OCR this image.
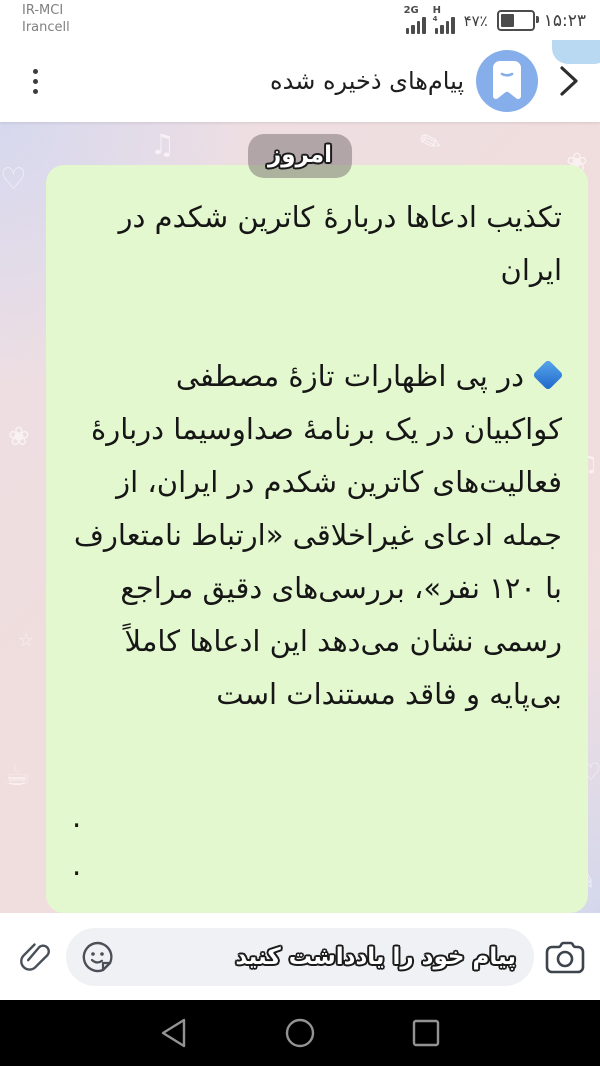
IR-MCI
Irancell
2G H
4 ۴۷٪	۱۵:۲۳
پیام‌های ذخیره شده
♡
♫
☆
✎
❀
❀
☆
☕
♫
♡
✎
امروز

تکذیب ادعاها دربارهٔ کاترین شکدم در ایران

در پی اظهارات تازهٔ مصطفی کواکبیان در یک برنامهٔ صداوسیما دربارهٔ فعالیت‌های کاترین شکدم در ایران، از جمله ادعای غیراخلاقی «ارتباط نامتعارف با ۱۲۰ نفر»، بررسی‌های دقیق مراجع رسمی نشان می‌دهد این ادعاها کاملاً بی‌پایه و فاقد مستندات است

.

.

پیام خود را یادداشت کنید
